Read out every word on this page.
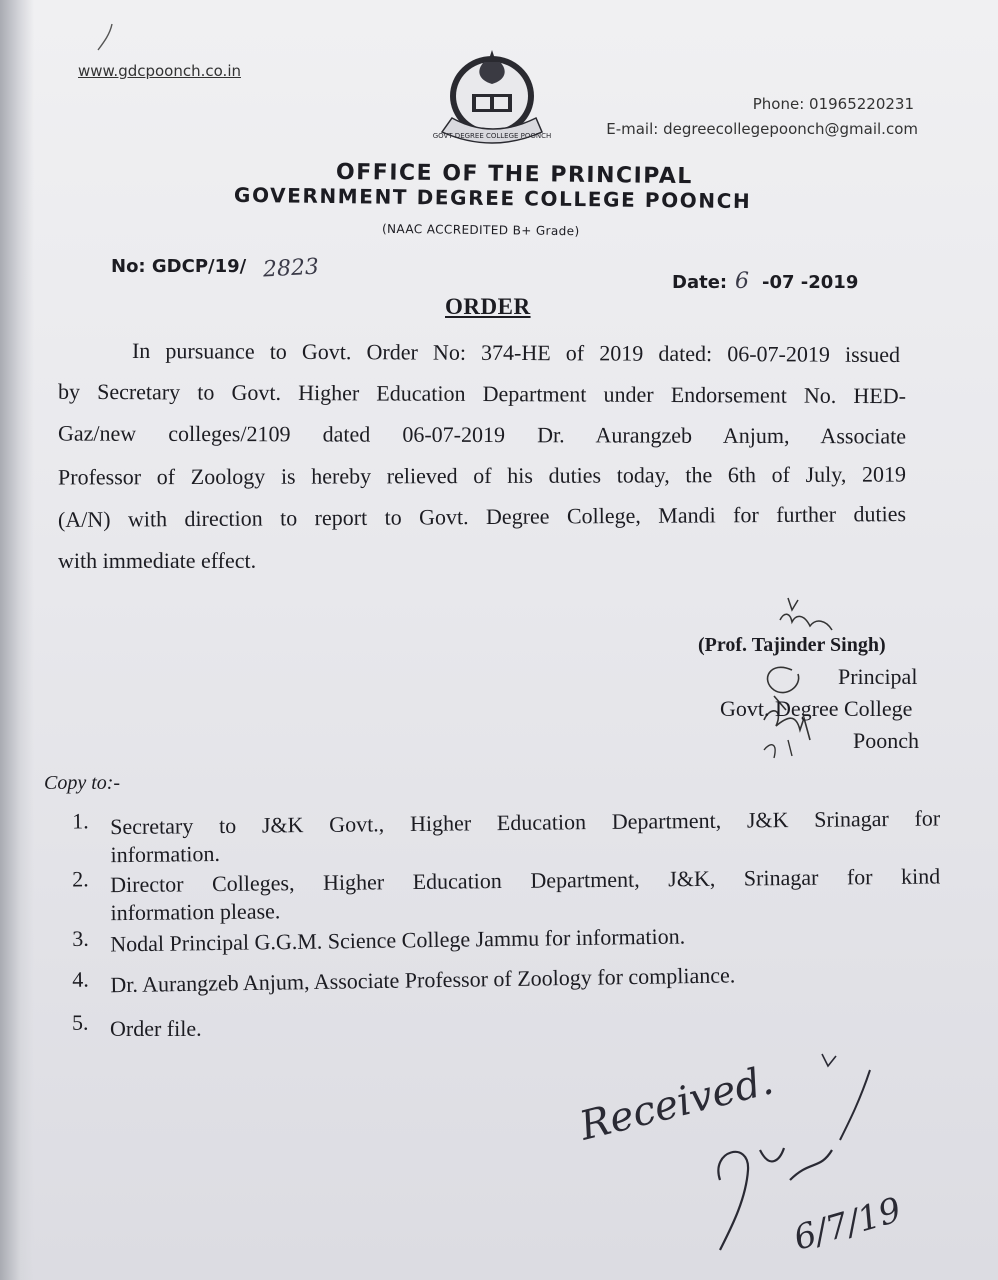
www.gdcpoonch.co.in
GOVT DEGREE COLLEGE POONCH
Phone: 01965220231
E-mail: degreecollegepoonch@gmail.com
OFFICE OF THE PRINCIPAL
GOVERNMENT DEGREE COLLEGE POONCH
(NAAC ACCREDITED B+ Grade)
No: GDCP/19/ 2823
Date: 6 -07 -2019
ORDER
In pursuance to Govt. Order No: 374-HE of 2019 dated: 06-07-2019 issued
by Secretary to Govt. Higher Education Department under Endorsement No. HED-
Gaz/new colleges/2109 dated 06-07-2019 Dr. Aurangzeb Anjum, Associate
Professor of Zoology is hereby relieved of his duties today, the 6th of July, 2019
(A/N) with direction to report to Govt. Degree College, Mandi for further duties
with immediate effect.
(Prof. Tajinder Singh)
Principal
Govt. Degree College
Poonch
Copy to:-
1. Secretary to J&K Govt., Higher Education Department, J&K Srinagar for
information.
2. Director Colleges, Higher Education Department, J&K, Srinagar for kind
information please.
3. Nodal Principal G.G.M. Science College Jammu for information.
4. Dr. Aurangzeb Anjum, Associate Professor of Zoology for compliance.
5. Order file.
Received.
6/7/19
